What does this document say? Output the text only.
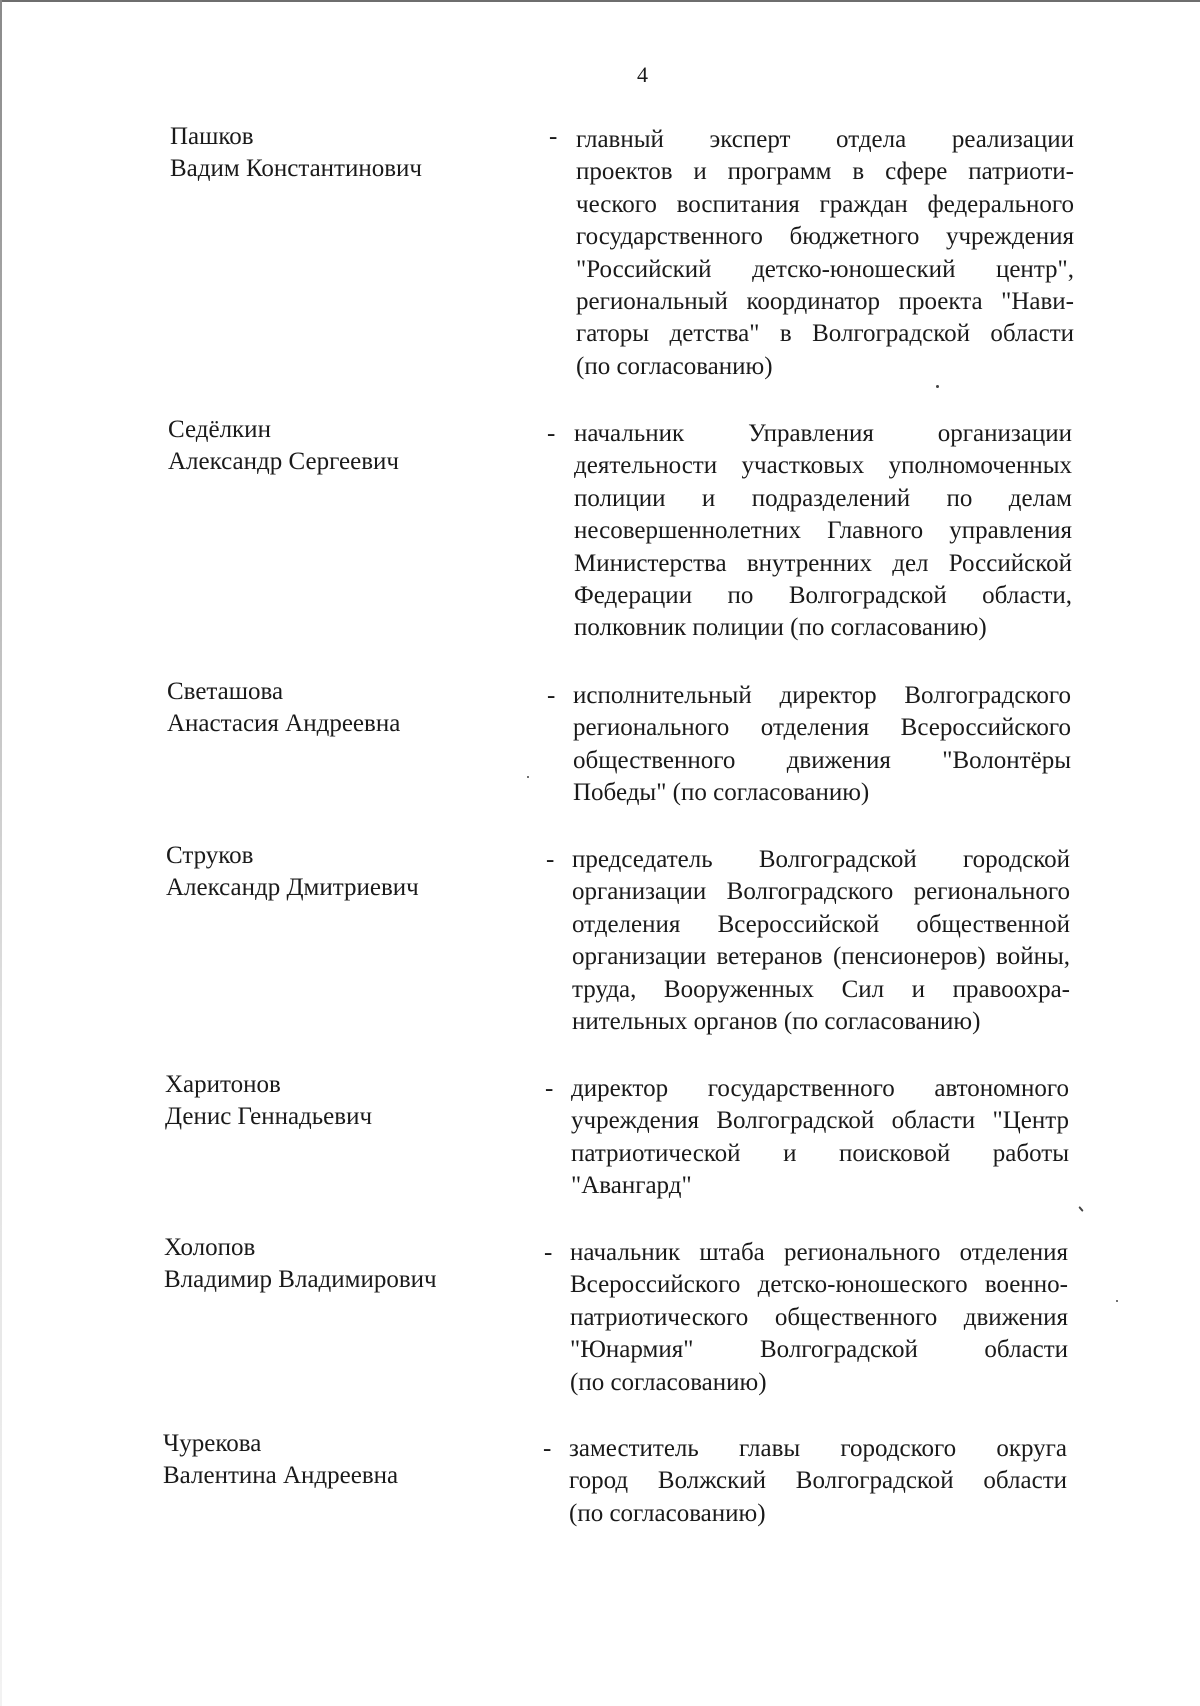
4
Пашков
Вадим Константинович
- главный эксперт отдела реализации
проектов и программ в сфере патриоти-
ческого воспитания граждан федерального
государственного бюджетного учреждения
"Российский детско-юношеский центр",
региональный координатор проекта "Нави-
гаторы детства" в Волгоградской области
(по согласованию)
Седёлкин
Александр Сергеевич
- начальник Управления организации
деятельности участковых уполномоченных
полиции и подразделений по делам
несовершеннолетних Главного управления
Министерства внутренних дел Российской
Федерации по Волгоградской области,
полковник полиции (по согласованию)
Светашова
Анастасия Андреевна
- исполнительный директор Волгоградского
регионального отделения Всероссийского
общественного движения "Волонтёры
Победы" (по согласованию)
Струков
Александр Дмитриевич
- председатель Волгоградской городской
организации Волгоградского регионального
отделения Всероссийской общественной
организации ветеранов (пенсионеров) войны,
труда, Вооруженных Сил и правоохра-
нительных органов (по согласованию)
Харитонов
Денис Геннадьевич
- директор государственного автономного
учреждения Волгоградской области "Центр
патриотической и поисковой работы
"Авангард"
Холопов
Владимир Владимирович
- начальник штаба регионального отделения
Всероссийского детско-юношеского военно-
патриотического общественного движения
"Юнармия" Волгоградской области
(по согласованию)
Чурекова
Валентина Андреевна
- заместитель главы городского округа
город Волжский Волгоградской области
(по согласованию)
